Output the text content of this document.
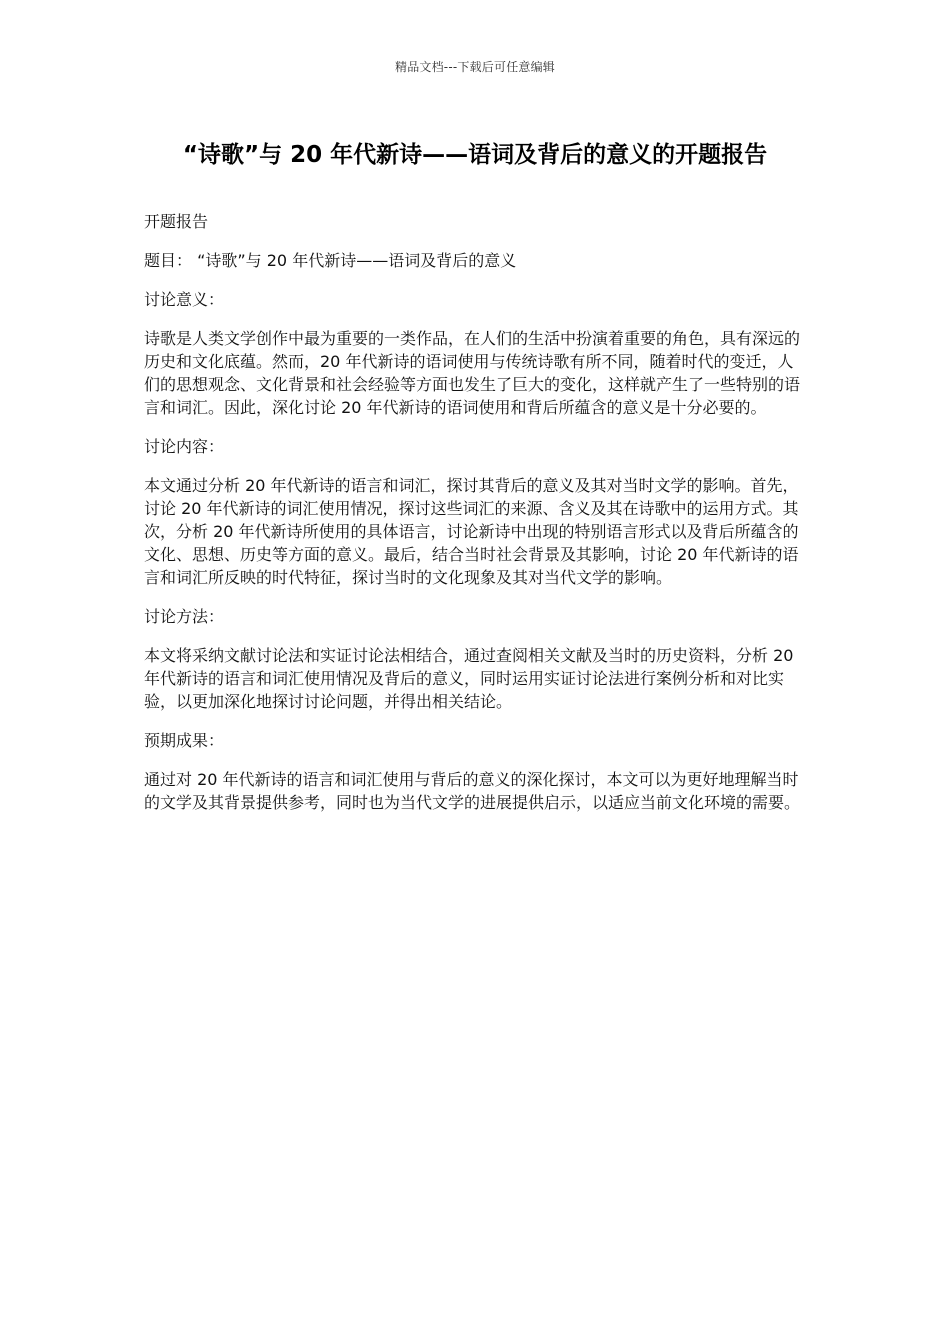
精品文档---下载后可任意编辑
“诗歌”与 20 年代新诗——语词及背后的意义的开题报告

开题报告

题目： “诗歌”与 20 年代新诗——语词及背后的意义

讨论意义：

诗歌是人类文学创作中最为重要的一类作品，在人们的生活中扮演着重要的角色，具有深远的历史和文化底蕴。然而，20 年代新诗的语词使用与传统诗歌有所不同，随着时代的变迁，人们的思想观念、文化背景和社会经验等方面也发生了巨大的变化，这样就产生了一些特别的语言和词汇。因此，深化讨论 20 年代新诗的语词使用和背后所蕴含的意义是十分必要的。

讨论内容：

本文通过分析 20 年代新诗的语言和词汇，探讨其背后的意义及其对当时文学的影响。首先，讨论 20 年代新诗的词汇使用情况，探讨这些词汇的来源、含义及其在诗歌中的运用方式。其次，分析 20 年代新诗所使用的具体语言，讨论新诗中出现的特别语言形式以及背后所蕴含的文化、思想、历史等方面的意义。最后，结合当时社会背景及其影响，讨论 20 年代新诗的语言和词汇所反映的时代特征，探讨当时的文化现象及其对当代文学的影响。

讨论方法：

本文将采纳文献讨论法和实证讨论法相结合，通过查阅相关文献及当时的历史资料，分析 20 年代新诗的语言和词汇使用情况及背后的意义，同时运用实证讨论法进行案例分析和对比实验，以更加深化地探讨讨论问题，并得出相关结论。

预期成果：

通过对 20 年代新诗的语言和词汇使用与背后的意义的深化探讨，本文可以为更好地理解当时的文学及其背景提供参考，同时也为当代文学的进展提供启示，以适应当前文化环境的需要。
